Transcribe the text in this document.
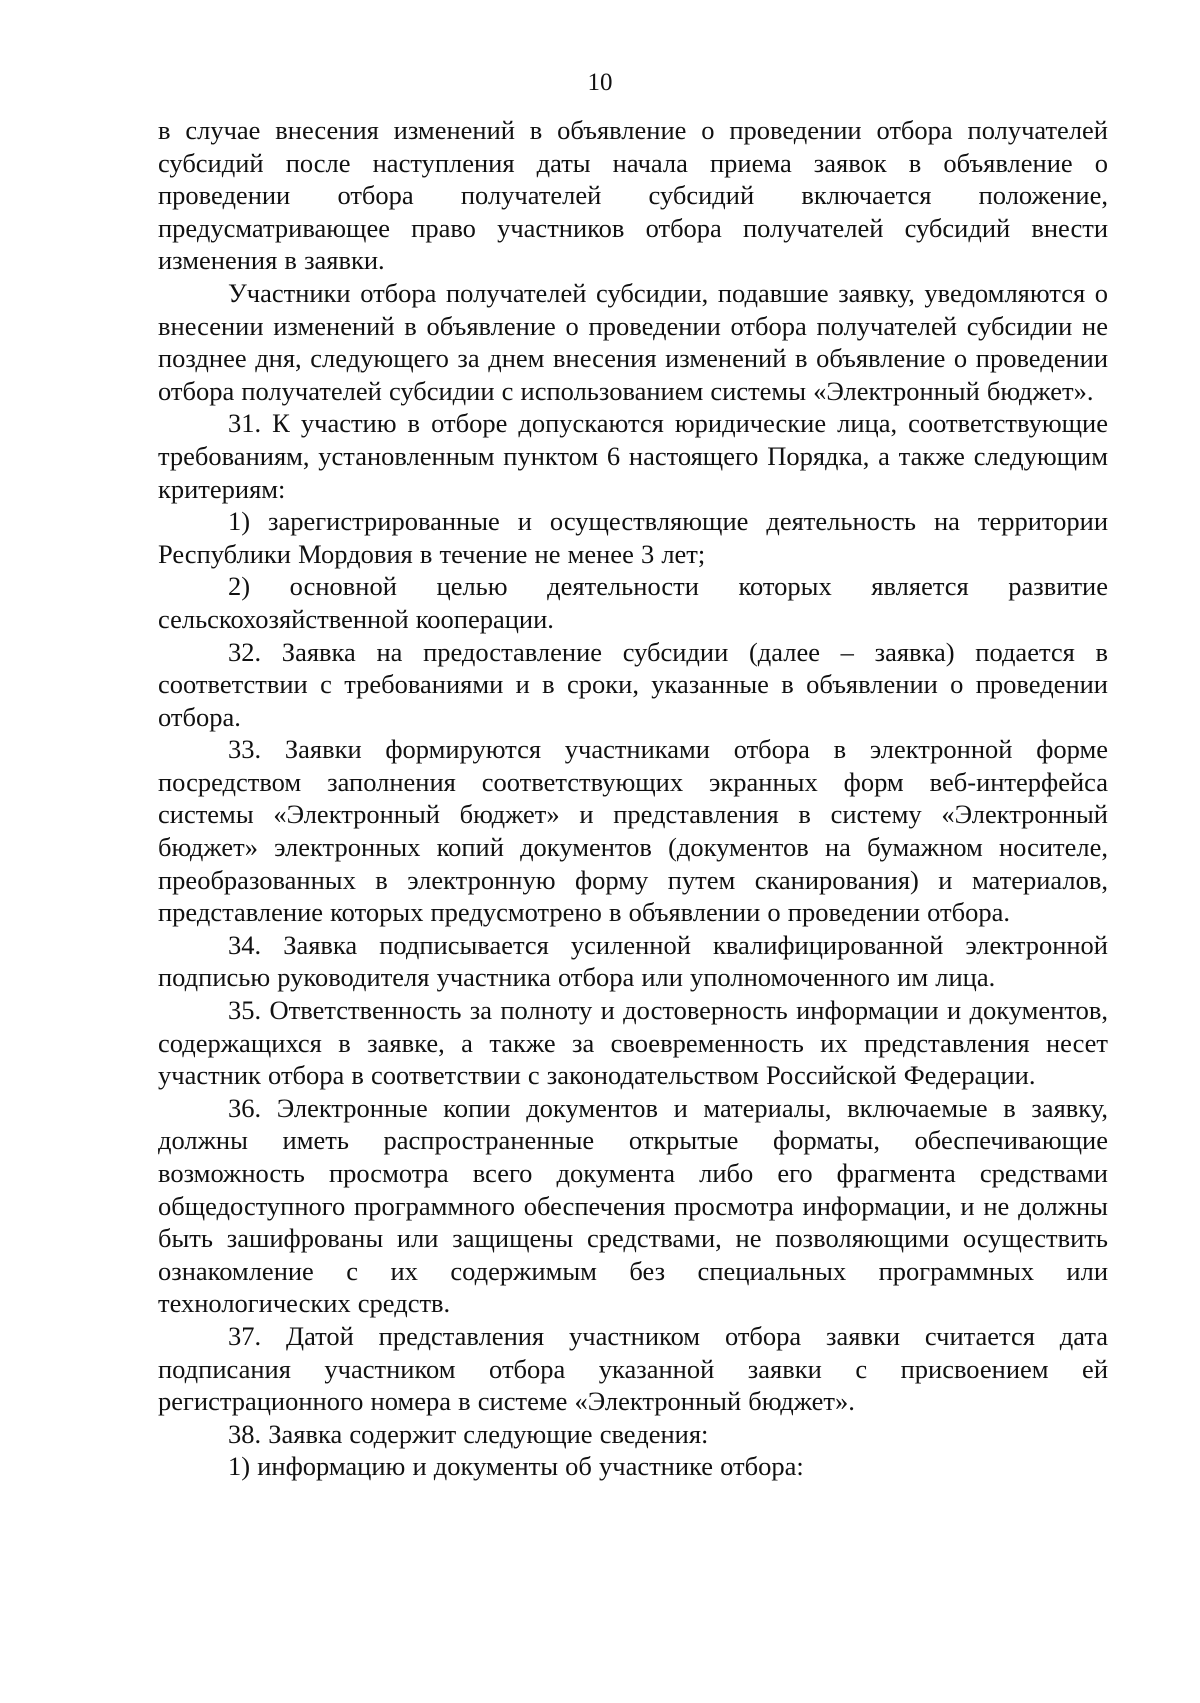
10

в случае внесения изменений в объявление о проведении отбора получателей субсидий после наступления даты начала приема заявок в объявление о проведении отбора получателей субсидий включается положение, предусматривающее право участников отбора получателей субсидий внести изменения в заявки.

Участники отбора получателей субсидии, подавшие заявку, уведомляются о внесении изменений в объявление о проведении отбора получателей субсидии не позднее дня, следующего за днем внесения изменений в объявление о проведении отбора получателей субсидии с использованием системы «Электронный бюджет».

31. К участию в отборе допускаются юридические лица, соответствующие требованиям, установленным пунктом 6 настоящего Порядка, а также следующим критериям:

1) зарегистрированные и осуществляющие деятельность на территории Республики Мордовия в течение не менее 3 лет;

2) основной целью деятельности которых является развитие сельскохозяйственной кооперации.

32. Заявка на предоставление субсидии (далее – заявка) подается в соответствии с требованиями и в сроки, указанные в объявлении о проведении отбора.

33. Заявки формируются участниками отбора в электронной форме посредством заполнения соответствующих экранных форм веб-интерфейса системы «Электронный бюджет» и представления в систему «Электронный бюджет» электронных копий документов (документов на бумажном носителе, преобразованных в электронную форму путем сканирования) и материалов, представление которых предусмотрено в объявлении о проведении отбора.

34. Заявка подписывается усиленной квалифицированной электронной подписью руководителя участника отбора или уполномоченного им лица.

35. Ответственность за полноту и достоверность информации и документов, содержащихся в заявке, а также за своевременность их представления несет участник отбора в соответствии с законодательством Российской Федерации.

36. Электронные копии документов и материалы, включаемые в заявку, должны иметь распространенные открытые форматы, обеспечивающие возможность просмотра всего документа либо его фрагмента средствами общедоступного программного обеспечения просмотра информации, и не должны быть зашифрованы или защищены средствами, не позволяющими осуществить ознакомление с их содержимым без специальных программных или технологических средств.

37. Датой представления участником отбора заявки считается дата подписания участником отбора указанной заявки с присвоением ей регистрационного номера в системе «Электронный бюджет».

38. Заявка содержит следующие сведения:

1) информацию и документы об участнике отбора:
